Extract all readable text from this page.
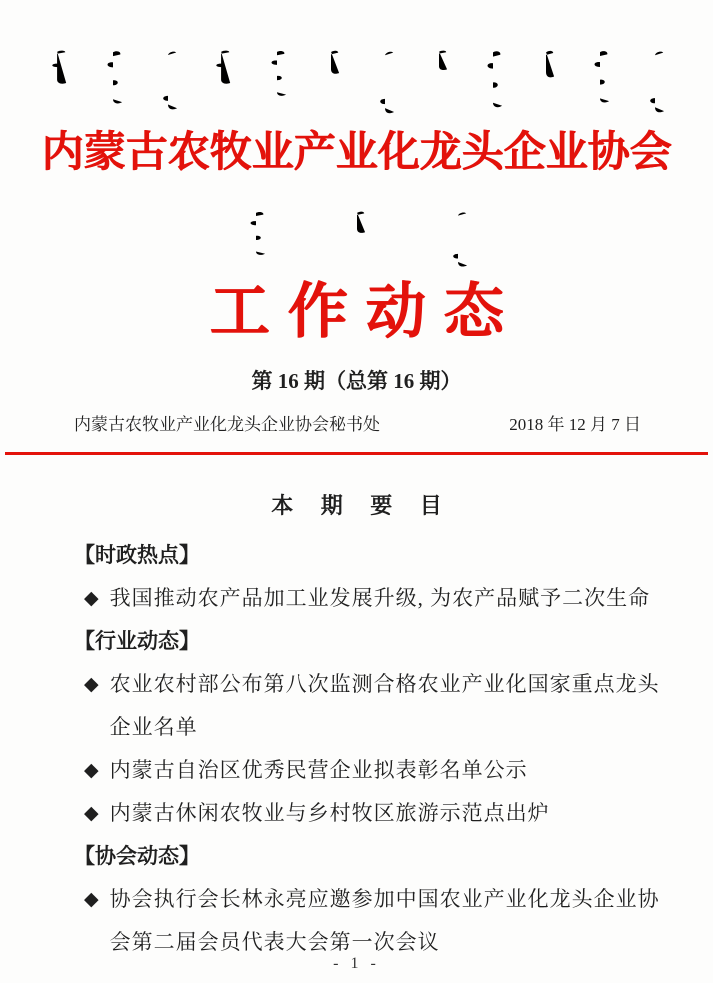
内蒙古农牧业产业化龙头企业协会
工作动态
第 16 期（总第 16 期）
内蒙古农牧业产业化龙头企业协会秘书处	2018 年 12 月 7 日
本 期 要 目
【时政热点】
◆ 我国推动农产品加工业发展升级, 为农产品赋予二次生命
【行业动态】
◆ 农业农村部公布第八次监测合格农业产业化国家重点龙头企业名单
◆ 内蒙古自治区优秀民营企业拟表彰名单公示
◆ 内蒙古休闲农牧业与乡村牧区旅游示范点出炉
【协会动态】
◆ 协会执行会长林永亮应邀参加中国农业产业化龙头企业协会第二届会员代表大会第一次会议
- 1 -
